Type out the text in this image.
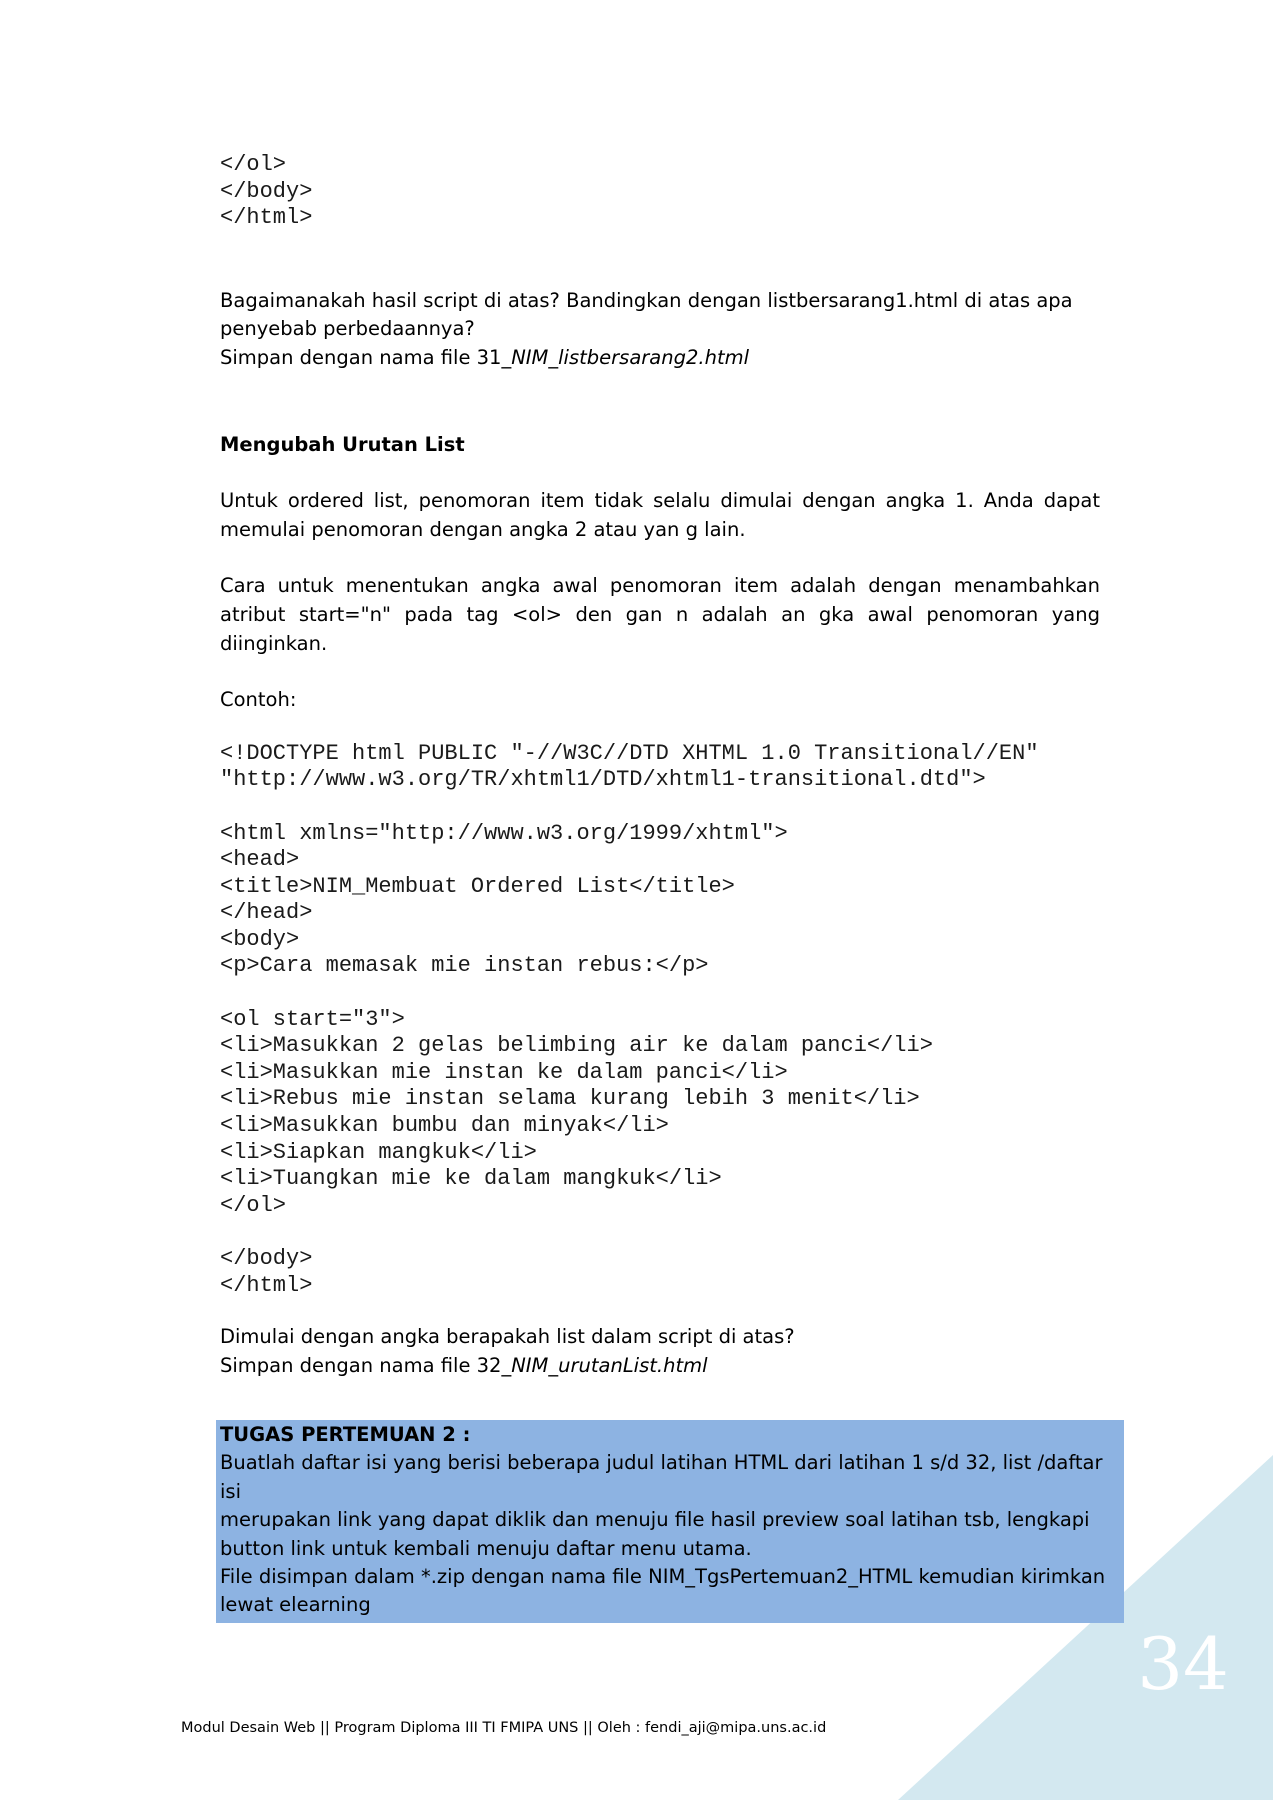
34
</ol>
</body>
</html>

Bagaimanakah hasil script di atas? Bandingkan dengan listbersarang1.html di atas apa

penyebab perbedaannya?

Simpan dengan nama file 31_NIM_listbersarang2.html

Mengubah Urutan List

Untuk ordered list, penomoran item tidak selalu dimulai dengan angka 1. Anda dapat memulai penomoran dengan angka 2 atau yan g lain.

Cara untuk menentukan angka awal penomoran item adalah dengan menambahkan atribut start="n" pada tag <ol> den gan n adalah an gka awal penomoran yang diinginkan.

Contoh:

<!DOCTYPE html PUBLIC "-//W3C//DTD XHTML 1.0 Transitional//EN"
"http://www.w3.org/TR/xhtml1/DTD/xhtml1-transitional.dtd">

<html xmlns="http://www.w3.org/1999/xhtml">
<head>
<title>NIM_Membuat Ordered List</title>
</head>
<body>
<p>Cara memasak mie instan rebus:</p>

<ol start="3">
<li>Masukkan 2 gelas belimbing air ke dalam panci</li>
<li>Masukkan mie instan ke dalam panci</li>
<li>Rebus mie instan selama kurang lebih 3 menit</li>
<li>Masukkan bumbu dan minyak</li>
<li>Siapkan mangkuk</li>
<li>Tuangkan mie ke dalam mangkuk</li>
</ol>

</body>
</html>

Dimulai dengan angka berapakah list dalam script di atas?

Simpan dengan nama file 32_NIM_urutanList.html

TUGAS PERTEMUAN 2 :

Buatlah daftar isi yang berisi beberapa judul latihan HTML dari latihan 1 s/d 32, list /daftar isi

merupakan link yang dapat diklik dan menuju file hasil preview soal latihan tsb, lengkapi

button link untuk kembali menuju daftar menu utama.

File disimpan dalam *.zip dengan nama file NIM_TgsPertemuan2_HTML kemudian kirimkan

lewat elearning

Modul Desain Web || Program Diploma III TI FMIPA UNS || Oleh : fendi_aji@mipa.uns.ac.id
